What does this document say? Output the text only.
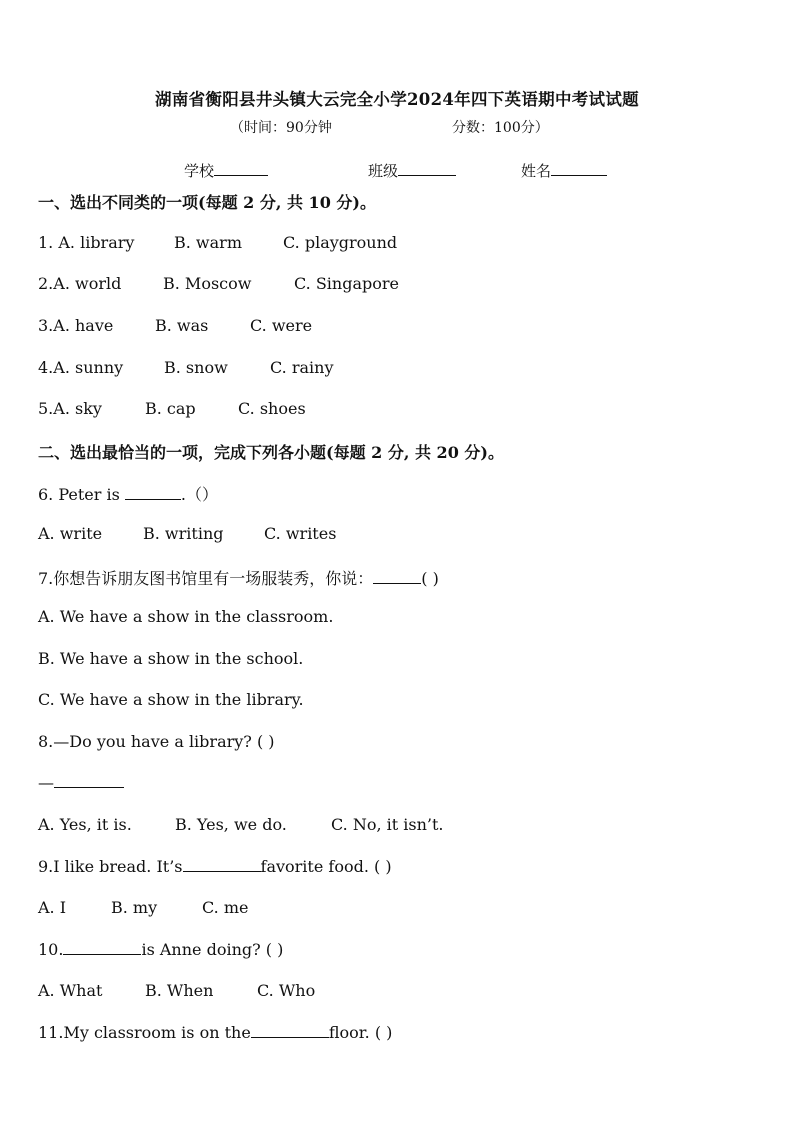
湖南省衡阳县井头镇大云完全小学2024年四下英语期中考试试题
（时间：90分钟	分数：100分）
学校	班级	姓名
一、选出不同类的一项(每题 2 分, 共 10 分)。
1. A. library B. warm	C. playground
2.A. world	B. Moscow	C. Singapore
3.A. have	B. was	C. were
4.A. sunny	B. snow	C. rainy
5.A. sky	B. cap	C. shoes
二、选出最恰当的一项，完成下列各小题(每题 2 分, 共 20 分)。
6. Peter is	.（）
A. write	B. writing	C. writes
7.你想告诉朋友图书馆里有一场服装秀，你说：	( )
A. We have a show in the classroom.
B. We have a show in the school.
C. We have a show in the library.
8.—Do you have a library? ( )
—
A. Yes, it is.	B. Yes, we do.	C. No, it isn’t.
9.I like bread. It’s	favorite food. ( )
A. I	B. my	C. me
10.	is Anne doing? ( )
A. What	B. When	C. Who
11.My classroom is on the	floor. ( )
